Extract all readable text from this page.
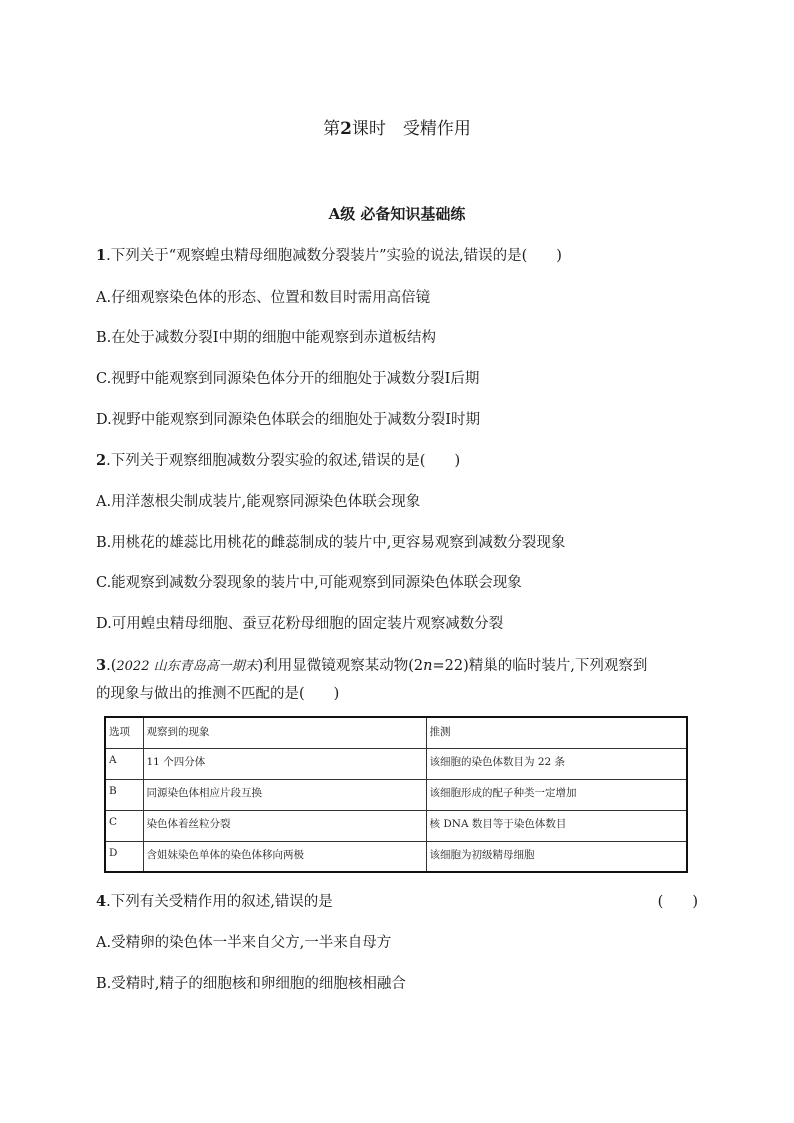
第2课时　受精作用
A级 必备知识基础练
1.下列关于“观察蝗虫精母细胞减数分裂装片”实验的说法,错误的是(　　)
A.仔细观察染色体的形态、位置和数目时需用高倍镜
B.在处于减数分裂Ⅰ中期的细胞中能观察到赤道板结构
C.视野中能观察到同源染色体分开的细胞处于减数分裂Ⅰ后期
D.视野中能观察到同源染色体联会的细胞处于减数分裂Ⅰ时期
2.下列关于观察细胞减数分裂实验的叙述,错误的是(　　)
A.用洋葱根尖制成装片,能观察同源染色体联会现象
B.用桃花的雄蕊比用桃花的雌蕊制成的装片中,更容易观察到减数分裂现象
C.能观察到减数分裂现象的装片中,可能观察到同源染色体联会现象
D.可用蝗虫精母细胞、蚕豆花粉母细胞的固定装片观察减数分裂
3.(2022 山东青岛高一期末)利用显微镜观察某动物(2n=22)精巢的临时装片,下列观察到
的现象与做出的推测不匹配的是(　　)
选项	观察到的现象	推测
A	11 个四分体	该细胞的染色体数目为 22 条
B	同源染色体相应片段互换	该细胞形成的配子种类一定增加
C	染色体着丝粒分裂	核 DNA 数目等于染色体数目
D	含姐妹染色单体的染色体移向两极	该细胞为初级精母细胞
4.下列有关受精作用的叙述,错误的是	(　　)
A.受精卵的染色体一半来自父方,一半来自母方
B.受精时,精子的细胞核和卵细胞的细胞核相融合
